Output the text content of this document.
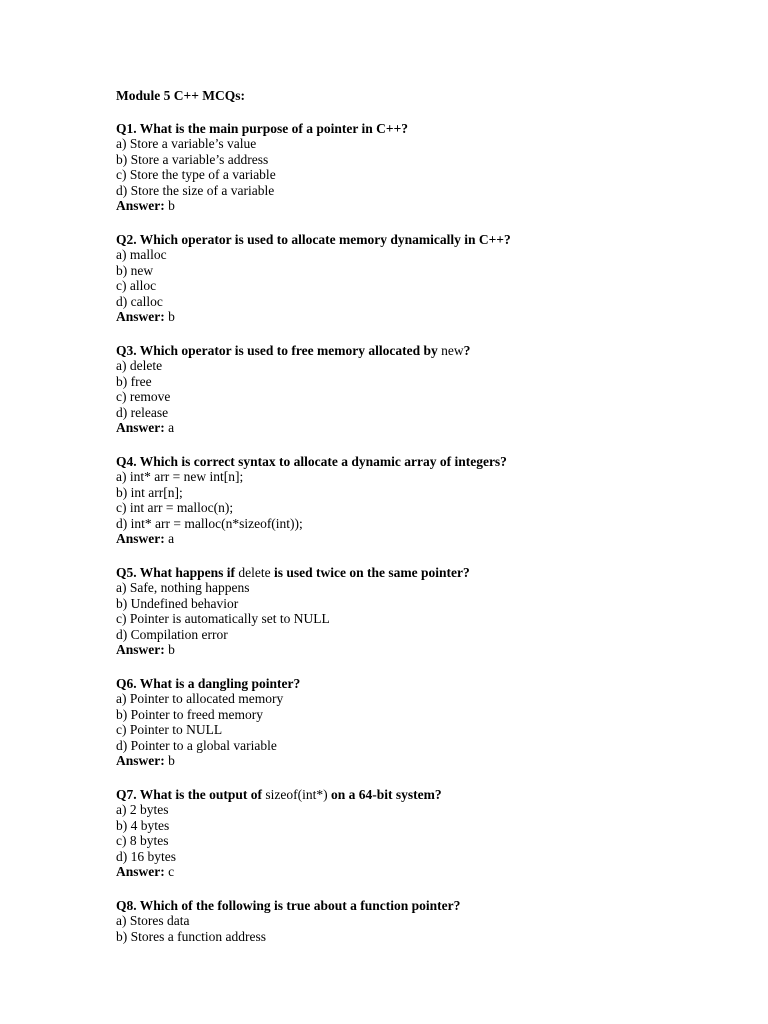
Module 5 C++ MCQs:
Q1. What is the main purpose of a pointer in C++?
a) Store a variable’s value
b) Store a variable’s address
c) Store the type of a variable
d) Store the size of a variable
Answer: b
Q2. Which operator is used to allocate memory dynamically in C++?
a) malloc
b) new
c) alloc
d) calloc
Answer: b
Q3. Which operator is used to free memory allocated by new?
a) delete
b) free
c) remove
d) release
Answer: a
Q4. Which is correct syntax to allocate a dynamic array of integers?
a) int* arr = new int[n];
b) int arr[n];
c) int arr = malloc(n);
d) int* arr = malloc(n*sizeof(int));
Answer: a
Q5. What happens if delete is used twice on the same pointer?
a) Safe, nothing happens
b) Undefined behavior
c) Pointer is automatically set to NULL
d) Compilation error
Answer: b
Q6. What is a dangling pointer?
a) Pointer to allocated memory
b) Pointer to freed memory
c) Pointer to NULL
d) Pointer to a global variable
Answer: b
Q7. What is the output of sizeof(int*) on a 64-bit system?
a) 2 bytes
b) 4 bytes
c) 8 bytes
d) 16 bytes
Answer: c
Q8. Which of the following is true about a function pointer?
a) Stores data
b) Stores a function address
